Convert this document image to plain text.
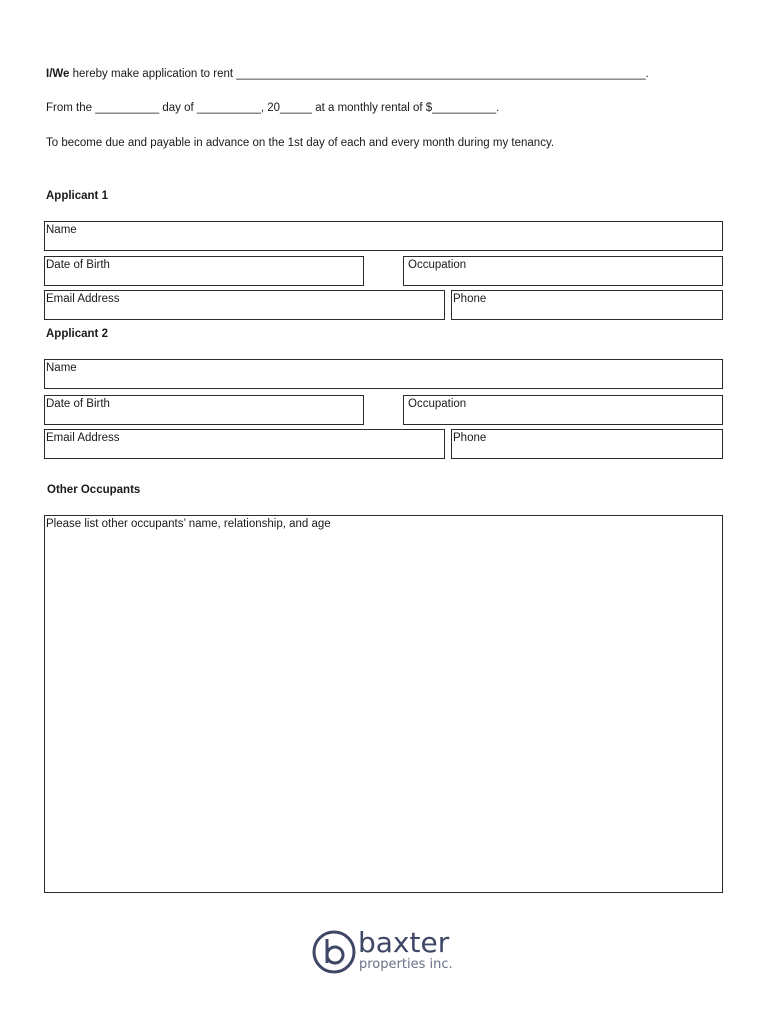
I/We hereby make application to rent ________________________________________________________________.
From the __________ day of __________, 20_____ at a monthly rental of $__________.
To become due and payable in advance on the 1st day of each and every month during my tenancy.
Applicant 1
Name
Date of Birth	Occupation
Email Address	Phone
Applicant 2
Name
Date of Birth	Occupation
Email Address	Phone
Other Occupants
Please list other occupants’ name, relationship, and age
baxter
properties inc.
